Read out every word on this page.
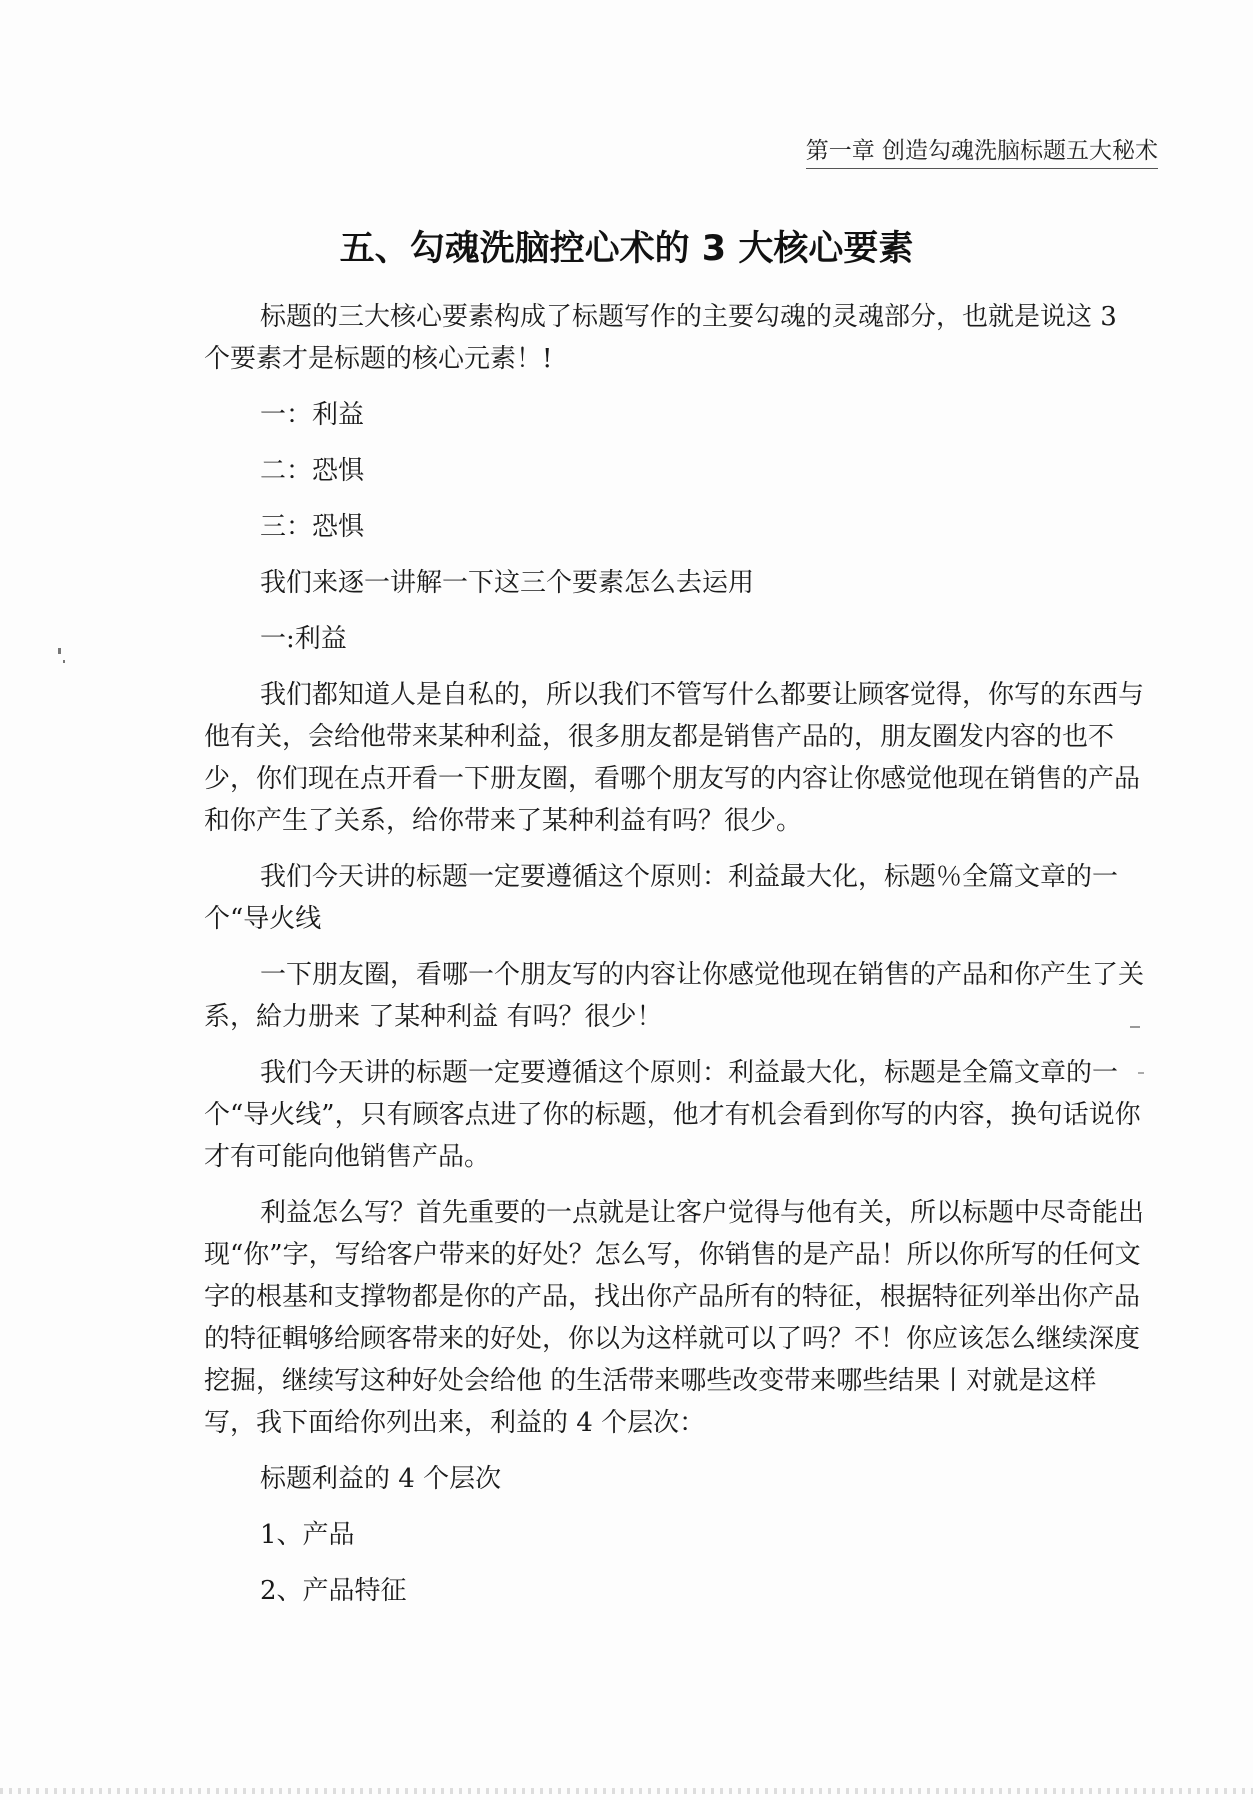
第一章 创造勾魂洗脑标题五大秘术
五、勾魂洗脑控心术的 3 大核心要素

标题的三大核心要素构成了标题写作的主要勾魂的灵魂部分，也就是说这 3 个要素才是标题的核心元素！!

一：利益

二：恐惧

三：恐惧

我们来逐一讲解一下这三个要素怎么去运用

一:利益

我们都知道人是自私的，所以我们不管写什么都要让顾客觉得，你写的东西与他有关，会给他带来某种利益，很多朋友都是销售产品的，朋友圈发内容的也不少，你们现在点开看一下册友圈，看哪个朋友写的内容让你感觉他现在销售的产品和你产生了关系，给你带来了某种利益有吗？很少。

我们今天讲的标题一定要遵循这个原则：利益最大化，标题％全篇文章的一个“导火线

一下朋友圈，看哪一个朋友写的内容让你感觉他现在销售的产品和你产生了关系，給力册来 了某种利益 有吗？很少！

我们今天讲的标题一定要遵循这个原则：利益最大化，标题是全篇文章的一个“导火线”，只有顾客点进了你的标题，他才有机会看到你写的内容，换句话说你才有可能向他销售产品。

利益怎么写？首先重要的一点就是让客户觉得与他有关，所以标题中尽奇能出现“你”字，写给客户带来的好处？怎么写，你销售的是产品！所以你所写的任何文字的根基和支撑物都是你的产品，找出你产品所有的特征，根据特征列举出你产品的特征輯够给顾客帯来的好处，你以为这样就可以了吗？不！你应该怎么继续深度挖掘，继续写这种好处会给他 的生活带来哪些改变带来哪些结果丨对就是这样写，我下面给你列出来，利益的 4 个层次：

标题利益的 4 个层次

1、产品

2、产品特征
